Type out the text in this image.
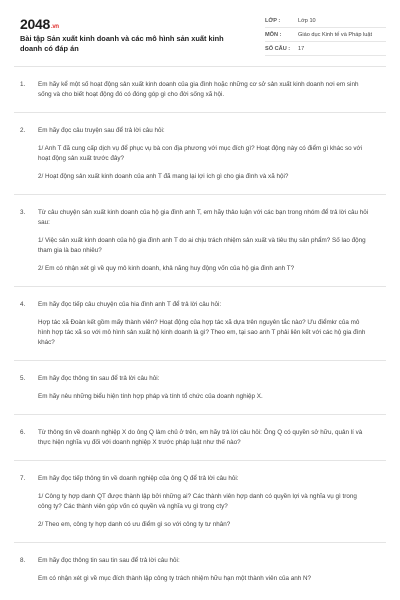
2048.vn
Bài tập Sản xuất kinh doanh và các mô hình sản xuất kinh doanh có đáp án
LỚP :	Lớp 10
MÔN :	Giáo dục Kinh tế và Pháp luật
SỐ CÂU :	17
1.	Em hãy kể một số hoạt động sản xuất kinh doanh của gia đình hoặc những cơ sở sản xuất kinh doanh nơi em sinh sống và cho biết hoạt động đó có đóng góp gì cho đời sống xã hội.

2.	Em hãy đọc câu truyện sau để trả lời câu hỏi:

1/ Anh T đã cung cấp dịch vụ để phục vụ bà con địa phương với mục đích gì? Hoạt động này có điểm gì khác so với hoạt động sản xuất trước đây?

2/ Hoạt động sản xuất kinh doanh của anh T đã mang lại lợi ích gì cho gia đình và xã hội?

3.	Từ câu chuyện sản xuất kinh doanh của hộ gia đình anh T, em hãy thảo luận với các bạn trong nhóm để trả lời câu hỏi sau:

1/ Việc sản xuất kinh doanh của hộ gia đình anh T do ai chịu trách nhiệm sản xuất và tiêu thụ sản phẩm? Số lao động tham gia là bao nhiêu?

2/ Em có nhận xét gì về quy mô kinh doanh, khả năng huy động vốn của hộ gia đình anh T?

4.	Em hãy đọc tiếp câu chuyện của hia đình anh T để trả lời câu hỏi:

Hợp tác xã Đoàn kết gồm mấy thành viên? Hoạt động của hợp tác xã dựa trên nguyên tắc nào? Ưu điểmkr của mô hình hợp tác xã so với mô hình sản xuất hộ kinh doanh là gì? Theo em, tại sao anh T phải liên kết với các hộ gia đình khác?

5.	Em hãy đọc thông tin sau để trả lời câu hỏi:

Em hãy nêu những biểu hiện tính hợp pháp và tính tổ chức của doanh nghiệp X.

6.	Từ thông tin về doanh nghiệp X do ông Q làm chủ ở trên, em hãy trả lời câu hỏi: Ông Q có quyền sở hữu, quản lí và thực hiện nghĩa vụ đối với doanh nghiệp X trước pháp luật như thế nào?

7.	Em hãy đọc tiếp thông tin về doanh nghiệp của ông Q để trả lời câu hỏi:

1/ Công ty hợp danh QT được thành lập bởi những ai? Các thành viên hợp danh có quyền lợi và nghĩa vụ gì trong công ty? Các thành viên góp vốn có quyền và nghĩa vụ gì trong cty?

2/ Theo em, công ty hợp danh có ưu điểm gì so với công ty tư nhân?

8.	Em hãy đọc thông tin sau tin sau để trả lời câu hỏi:

Em có nhận xét gì về mục đích thành lập công ty trách nhiệm hữu hạn một thành viên của anh N?
